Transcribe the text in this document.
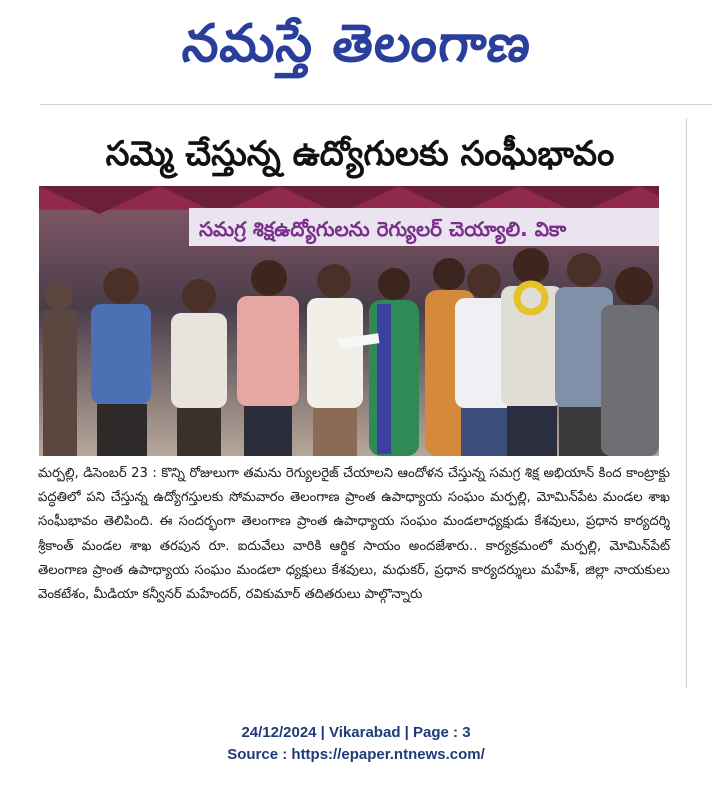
నమస్తే తెలంగాణ
సమ్మె చేస్తున్న ఉద్యోగులకు సంఘీభావం
సమగ్ర శిక్షఉద్యోగులను రెగ్యులర్ చెయ్యాలి. వికా

మర్పల్లి, డిసెంబర్ 23 : కొన్ని రోజులుగా తమను రెగ్యులరైజ్ చేయాలని ఆందోళన చేస్తున్న సమగ్ర శిక్ష అభియాన్ కింద కాంట్రాక్టు పద్ధతిలో పని చేస్తున్న ఉద్యోగస్తులకు సోమవారం తెలంగాణ ప్రాంత ఉపాధ్యాయ సంఘం మర్పల్లి, మోమిన్‌పేట మండల శాఖ సంఘీభావం తెలిపింది. ఈ సందర్భంగా తెలంగాణ ప్రాంత ఉపాధ్యాయ సంఘం మండలాధ్యక్షుడు కేశవులు, ప్రధాన కార్యదర్శి శ్రీకాంత్ మండల శాఖ తరపున రూ. ఐదువేలు వారికి ఆర్థిక సాయం అందజేశారు.. కార్యక్రమంలో మర్పల్లి, మోమిన్‌పేట్ తెలంగాణ ప్రాంత ఉపాధ్యాయ సంఘం మండలా ధ్యక్షులు కేశవులు, మధుకర్, ప్రధాన కార్యదర్శులు మహేశ్, జిల్లా నాయకులు వెంకటేశం, మీడియా కన్వీనర్ మహేందర్, రవికుమార్ తదితరులు పాల్గొన్నారు

24/12/2024 | Vikarabad | Page : 3
Source : https://epaper.ntnews.com/
